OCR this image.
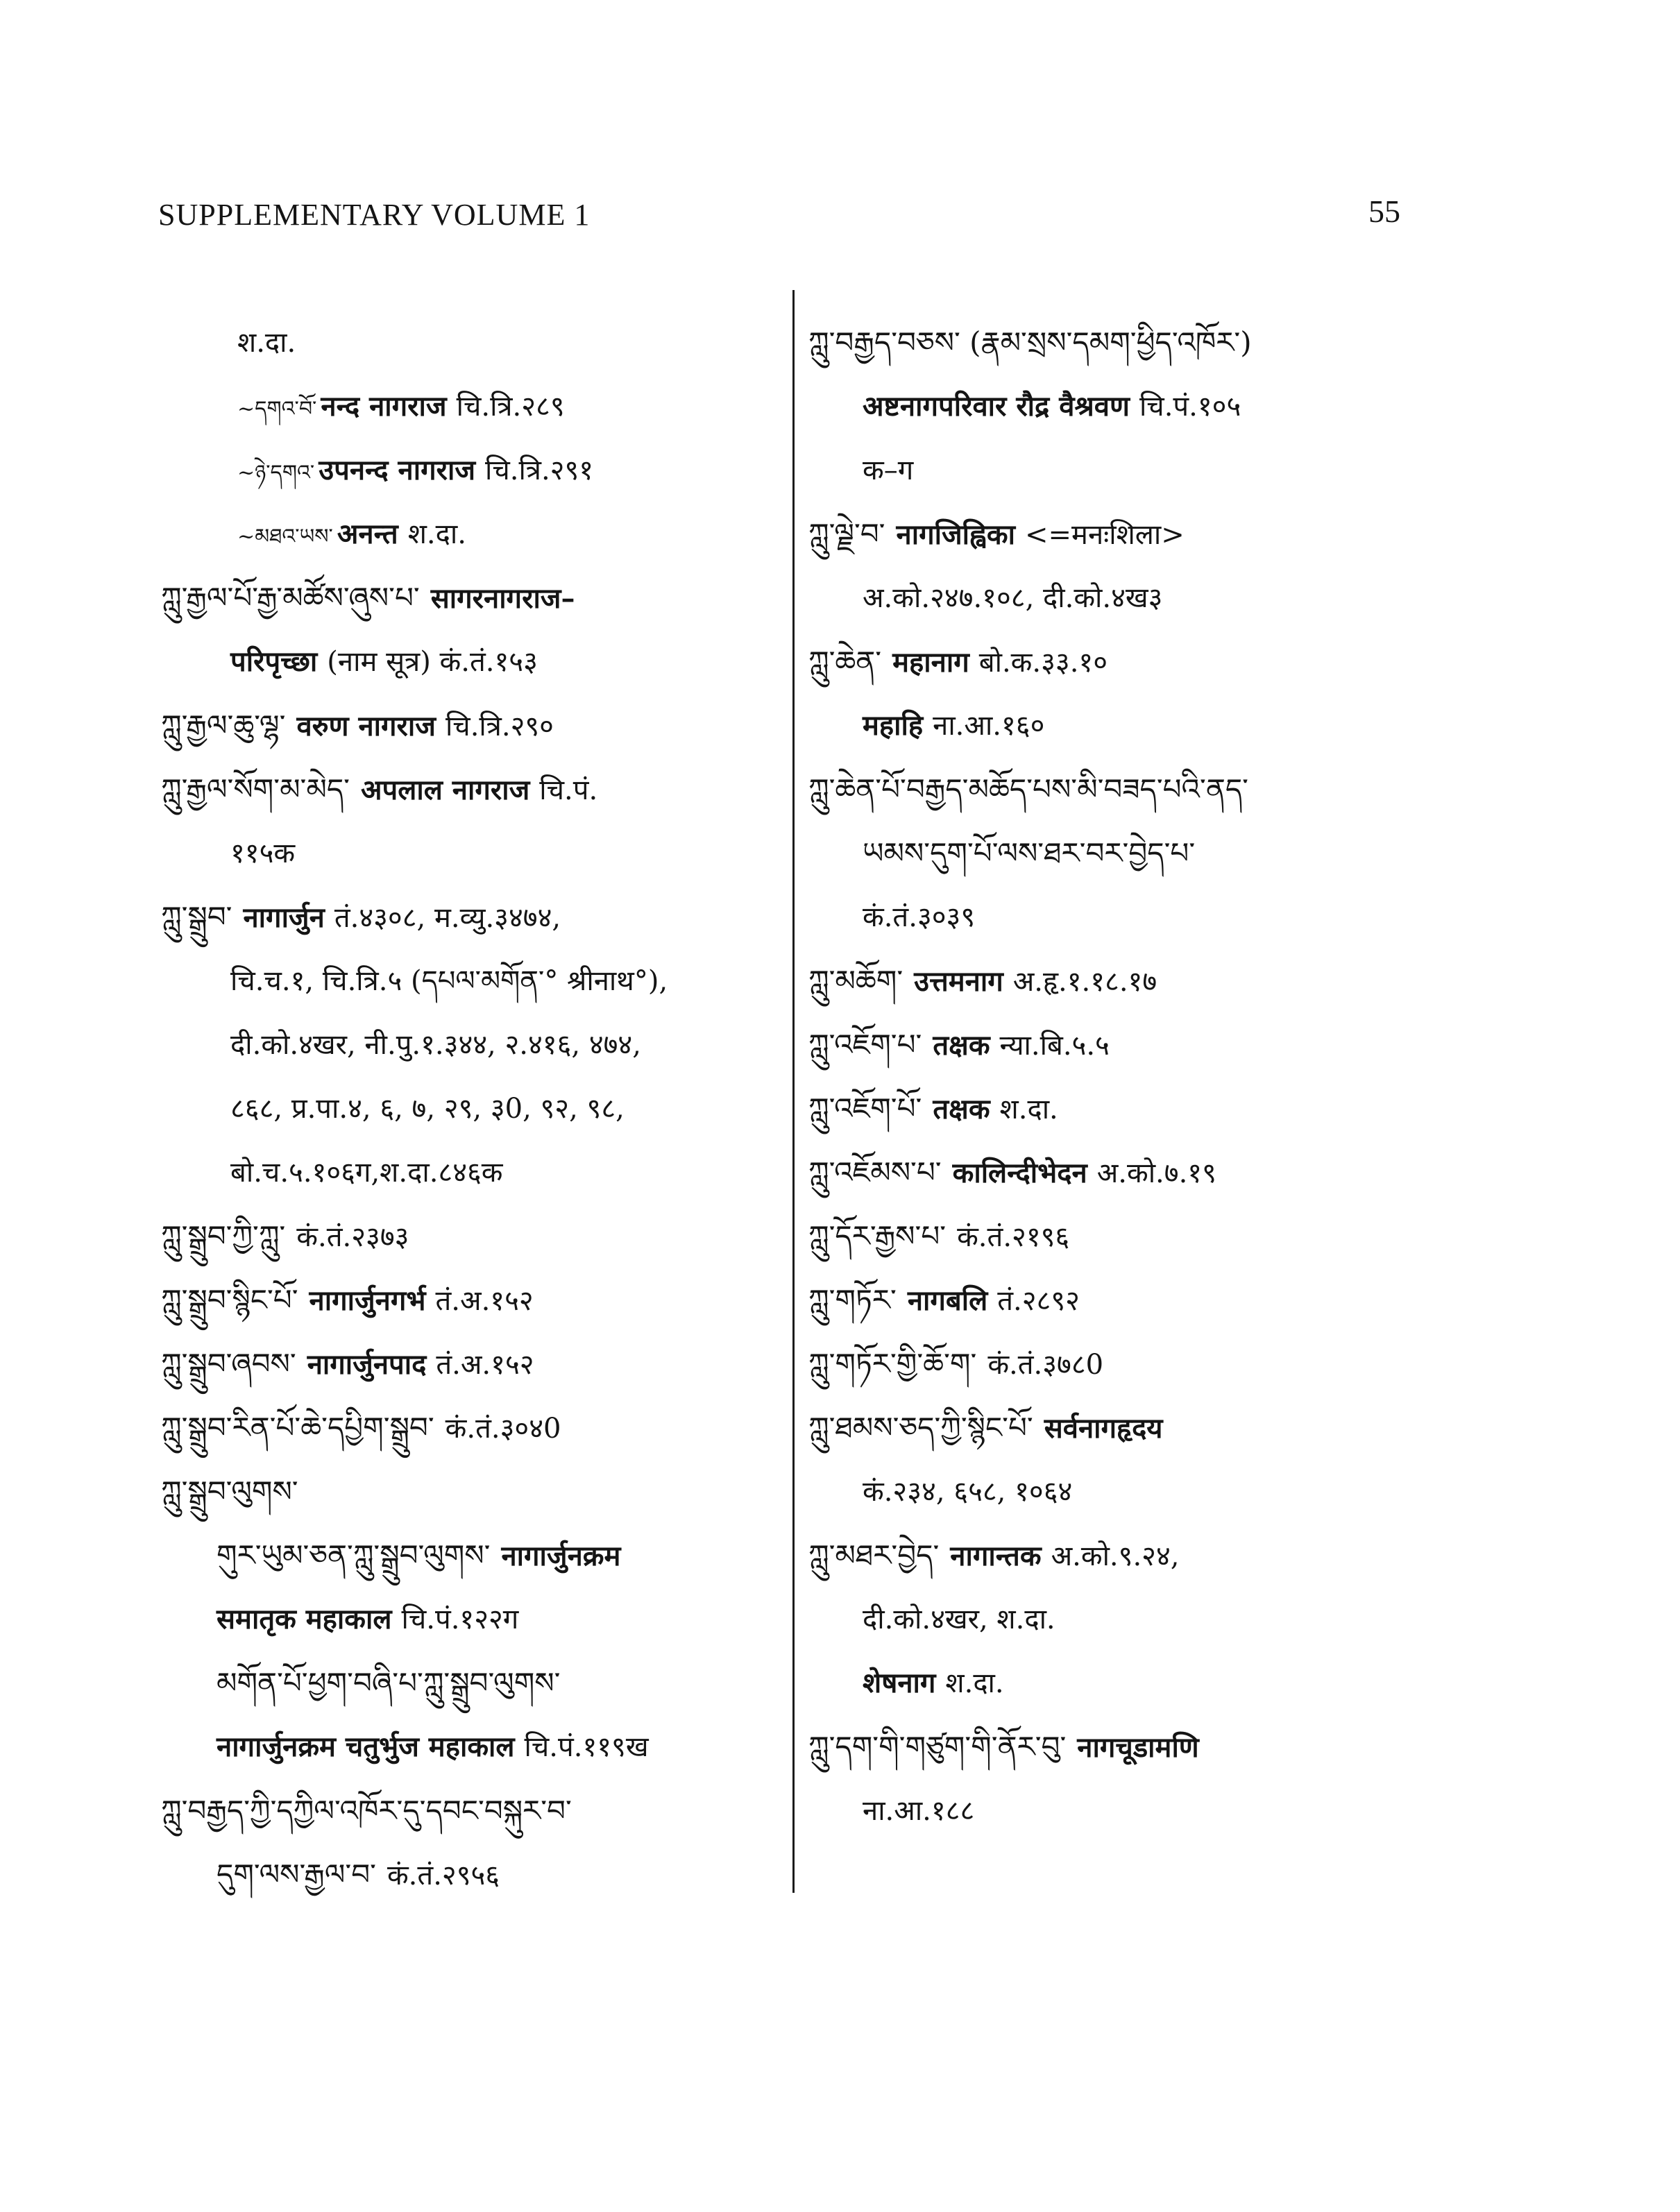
SUPPLEMENTARY VOLUME 1	55
श.दा.
~ དགའ་བོ་ नन्द नागराज चि.त्रि.२८९
~ ཉེ་དགའ་ उपनन्द नागराज चि.त्रि.२९१
~ མཐའ་ཡས་ अनन्त श.दा.
ཀླུ་རྒྱལ་པོ་རྒྱ་མཚོས་ཞུས་པ་ सागरनागराज–
परिपृच्छा (नाम सूत्र) कं.तं.१५३
ཀླུ་རྒྱལ་ཆུ་ལྷ་ वरुण नागराज चि.त्रि.२९०
ཀླུ་རྒྱལ་སོག་མ་མེད་ अपलाल नागराज चि.पं.
११५क
ཀླུ་སྒྲུབ་ नागार्जुन तं.४३०८, म.व्यु.३४७४,
चि.च.१, चि.त्रि.५ (དཔལ་མགོན་° श्रीनाथ°),
दी.को.४खर, नी.पु.१.३४४, २.४१६, ४७४,
८६८, प्र.पा.४, ६, ७, २९, ३0, ९२, ९८,
बो.च.५.१०६ग,श.दा.८४६क
ཀླུ་སྒྲུབ་ཀྱི་ཀླུ་ कं.तं.२३७३
ཀླུ་སྒྲུབ་སྙིང་པོ་ नागार्जुनगर्भ तं.अ.१५२
ཀླུ་སྒྲུབ་ཞབས་ नागार्जुनपाद तं.अ.१५२
ཀླུ་སྒྲུབ་རིན་པོ་ཆེ་དཔྱིག་སྒྲུབ་ कं.तं.३०४0
ཀླུ་སྒྲུབ་ལུགས་
གུར་ཡུམ་ཅན་ཀླུ་སྒྲུབ་ལུགས་ नागार्जुनक्रम
समातृक महाकाल चि.पं.१२२ग
མགོན་པོ་ཕྱག་བཞི་པ་ཀླུ་སྒྲུབ་ལུགས་
नागार्जुनक्रम चतुर्भुज महाकाल चि.पं.११९ख
ཀླུ་བརྒྱད་ཀྱི་དཀྱིལ་འཁོར་དུ་དབང་བསྐུར་བ་
དུག་ལས་རྒྱལ་བ་ कं.तं.२९५६
ཀླུ་བརྒྱད་བཅས་ (རྣམ་སྲས་དམག་ཕྱིད་འཁོར་)
अष्टनागपरिवार रौद्र वैश्रवण चि.पं.१०५
क–ग
ཀླུ་ལྗེ་བ་ नागजिह्विका <=मनःशिला>
अ.को.२४७.१०८, दी.को.४ख३
ཀླུ་ཆེན་ महानाग बो.क.३३.१०
महाहि ना.आ.१६०
ཀླུ་ཆེན་པོ་བརྒྱད་མཆོད་པས་མི་བཟད་པའི་ནད་
ཡམས་དུག་པོ་ལས་ཐར་བར་བྱེད་པ་
कं.तं.३०३९
ཀླུ་མཆོག་ उत्तमनाग अ.हृ.१.१८.१७
ཀླུ་འཇོག་པ་ तक्षक न्या.बि.५.५
ཀླུ་འཇོག་པོ་ तक्षक श.दा.
ཀླུ་འཇོམས་པ་ कालिन्दीभेदन अ.को.७.१९
ཀླུ་དོར་རྒྱས་པ་ कं.तं.२१९६
ཀླུ་གཏོར་ नागबलि तं.२८९२
ཀླུ་གཏོར་གྱི་ཆོ་ག་ कं.तं.३७८0
ཀླུ་ཐམས་ཅད་ཀྱི་སྙིང་པོ་ सर्वनागहृदय
कं.२३४, ६५८, १०६४
ཀླུ་མཐར་བྱེད་ नागान्तक अ.को.९.२४,
दी.को.४खर, श.दा.
शेषनाग श.दा.
ཀླུ་དག་གི་གཙུག་གི་ནོར་བུ་ नागचूडामणि
ना.आ.१८८
